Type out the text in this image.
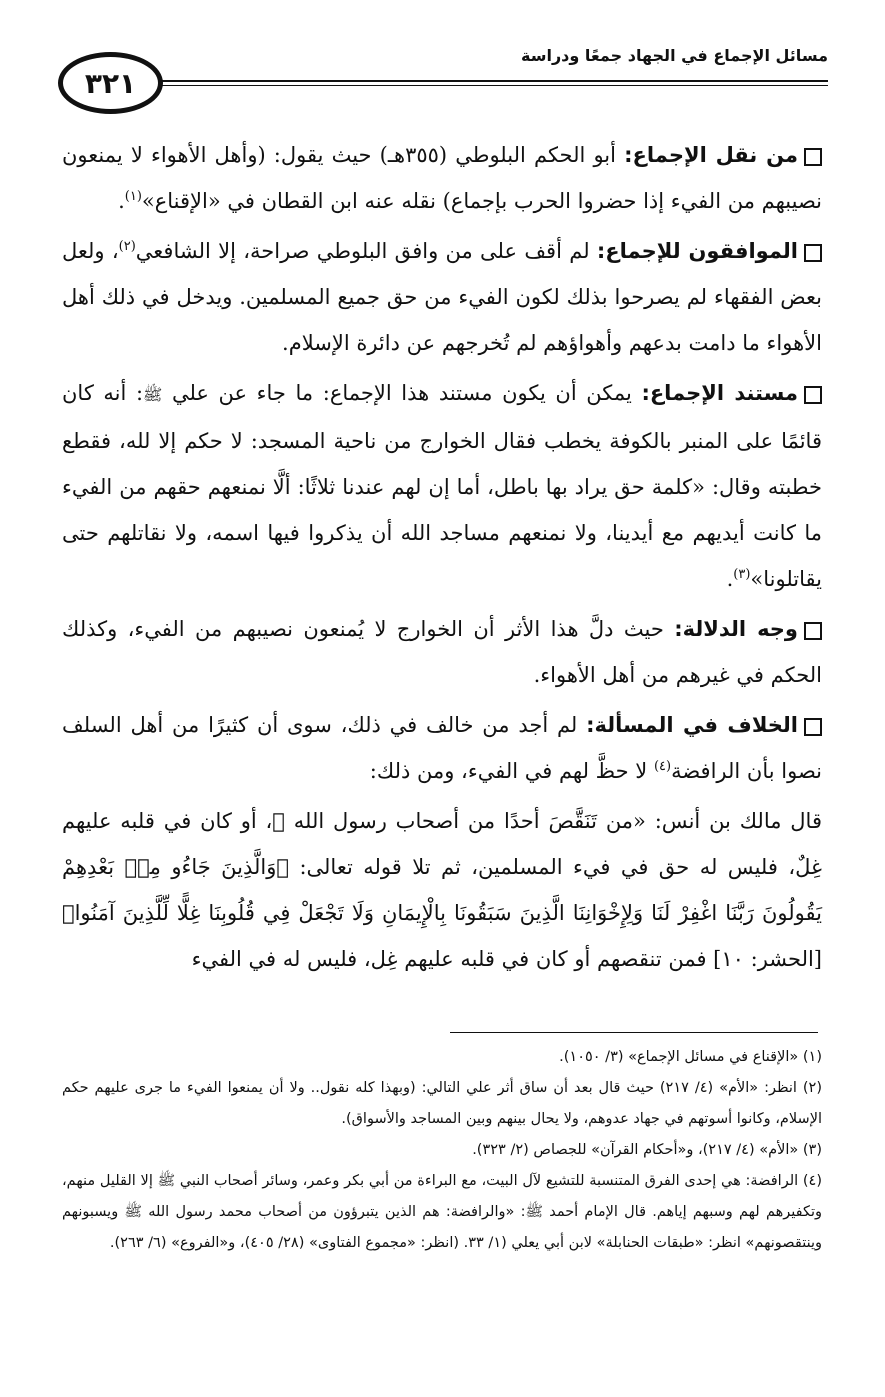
٣٢١
مسائل الإجماع في الجهاد جمعًا ودراسة

من نقل الإجماع: أبو الحكم البلوطي (٣٥٥هـ) حيث يقول: (وأهل الأهواء لا يمنعون نصيبهم من الفيء إذا حضروا الحرب بإجماع) نقله عنه ابن القطان في «الإقناع»$^{(١)}$.

الموافقون للإجماع: لم أقف على من وافق البلوطي صراحة، إلا الشافعي$^{(٢)}$، ولعل بعض الفقهاء لم يصرحوا بذلك لكون الفيء من حق جميع المسلمين. ويدخل في ذلك أهل الأهواء ما دامت بدعهم وأهواؤهم لم تُخرجهم عن دائرة الإسلام.

مستند الإجماع: يمكن أن يكون مستند هذا الإجماع: ما جاء عن علي ﷺ: أنه كان قائمًا على المنبر بالكوفة يخطب فقال الخوارج من ناحية المسجد: لا حكم إلا لله، فقطع خطبته وقال: «كلمة حق يراد بها باطل، أما إن لهم عندنا ثلاثًا: ألَّا نمنعهم حقهم من الفيء ما كانت أيديهم مع أيدينا، ولا نمنعهم مساجد الله أن يذكروا فيها اسمه، ولا نقاتلهم حتى يقاتلونا»$^{(٣)}$.

وجه الدلالة: حيث دلَّ هذا الأثر أن الخوارج لا يُمنعون نصيبهم من الفيء، وكذلك الحكم في غيرهم من أهل الأهواء.

الخلاف في المسألة: لم أجد من خالف في ذلك، سوى أن كثيرًا من أهل السلف نصوا بأن الرافضة$^{(٤)}$ لا حظَّ لهم في الفيء، ومن ذلك:

قال مالك بن أنس: «من تَنَقَّصَ أحدًا من أصحاب رسول الله ﷺ، أو كان في قلبه عليهم غِلٌ، فليس له حق في فيء المسلمين، ثم تلا قوله تعالى: ﴿وَالَّذِينَ جَاءُو مِنۢ بَعْدِهِمْ يَقُولُونَ رَبَّنَا اغْفِرْ لَنَا وَلِإِخْوَانِنَا الَّذِينَ سَبَقُونَا بِالْإِيمَانِ وَلَا تَجْعَلْ فِي قُلُوبِنَا غِلًّا لِّلَّذِينَ آمَنُوا﴾ [الحشر: ١٠] فمن تنقصهم أو كان في قلبه عليهم غِل، فليس له في الفيء

(١) «الإقناع في مسائل الإجماع» (٣/ ١٠٥٠).

(٢) انظر: «الأم» (٤/ ٢١٧) حيث قال بعد أن ساق أثر علي التالي: (وبهذا كله نقول.. ولا أن يمنعوا الفيء ما جرى عليهم حكم الإسلام، وكانوا أسوتهم في جهاد عدوهم، ولا يحال بينهم وبين المساجد والأسواق).

(٣) «الأم» (٤/ ٢١٧)، و«أحكام القرآن» للجصاص (٢/ ٣٢٣).

(٤) الرافضة: هي إحدى الفرق المتنسبة للتشيع لآل البيت، مع البراءة من أبي بكر وعمر، وسائر أصحاب النبي ﷺ إلا القليل منهم، وتكفيرهم لهم وسبهم إياهم. قال الإمام أحمد ﷺ: «والرافضة: هم الذين يتبرؤون من أصحاب محمد رسول الله ﷺ ويسبونهم وينتقصونهم» انظر: «طبقات الحنابلة» لابن أبي يعلي (١/ ٣٣. (انظر: «مجموع الفتاوى» (٢٨/ ٤٠٥)، و«الفروع» (٦/ ٢٦٣).
